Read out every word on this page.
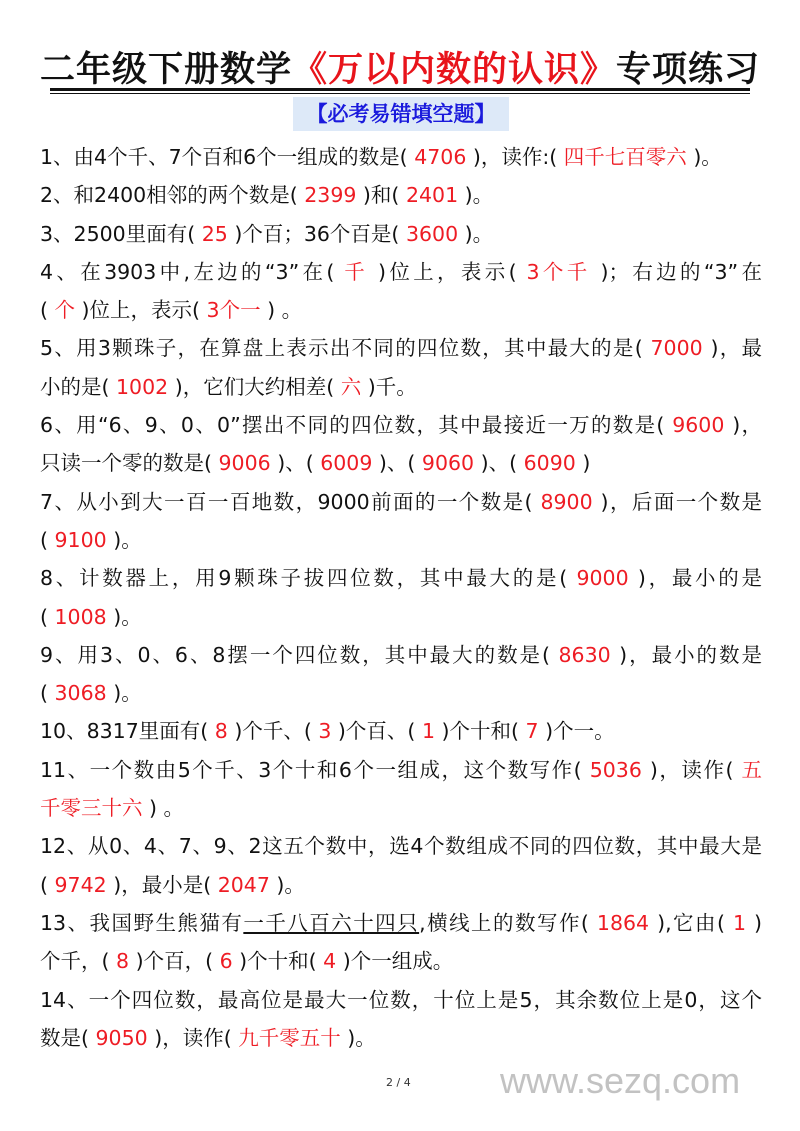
二年级下册数学《万以内数的认识》专项练习
【必考易错填空题】
1、由4个千、7个百和6个一组成的数是( 4706 )，读作:( 四千七百零六 )。
2、和2400相邻的两个数是( 2399 )和( 2401 )。
3、2500里面有( 25 )个百；36个百是( 3600 )。
4、在3903中,左边的“3”在( 千 )位上，表示( 3个千 )；右边的“3”在
( 个 )位上，表示( 3个一 ) 。
5、用3颗珠子，在算盘上表示出不同的四位数，其中最大的是( 7000 )，最
小的是( 1002 )，它们大约相差( 六 )千。
6、用“6、9、0、0”摆出不同的四位数，其中最接近一万的数是( 9600 )，
只读一个零的数是( 9006 )、( 6009 )、( 9060 )、( 6090 )
7、从小到大一百一百地数，9000前面的一个数是( 8900 )，后面一个数是
( 9100 )。
8、计数器上，用9颗珠子拔四位数，其中最大的是( 9000 )，最小的是
( 1008 )。
9、用3、0、6、8摆一个四位数，其中最大的数是( 8630 )，最小的数是
( 3068 )。
10、8317里面有( 8 )个千、( 3 )个百、( 1 )个十和( 7 )个一。
11、一个数由5个千、3个十和6个一组成，这个数写作( 5036 )，读作( 五
千零三十六 ) 。
12、从0、4、7、9、2这五个数中，选4个数组成不同的四位数，其中最大是
( 9742 )，最小是( 2047 )。
13、我国野生熊猫有一千八百六十四只,横线上的数写作( 1864 ),它由( 1 )
个千，( 8 )个百，( 6 )个十和( 4 )个一组成。
14、一个四位数，最高位是最大一位数，十位上是5，其余数位上是0，这个
数是( 9050 )，读作( 九千零五十 )。
2 / 4 www.sezq.com
